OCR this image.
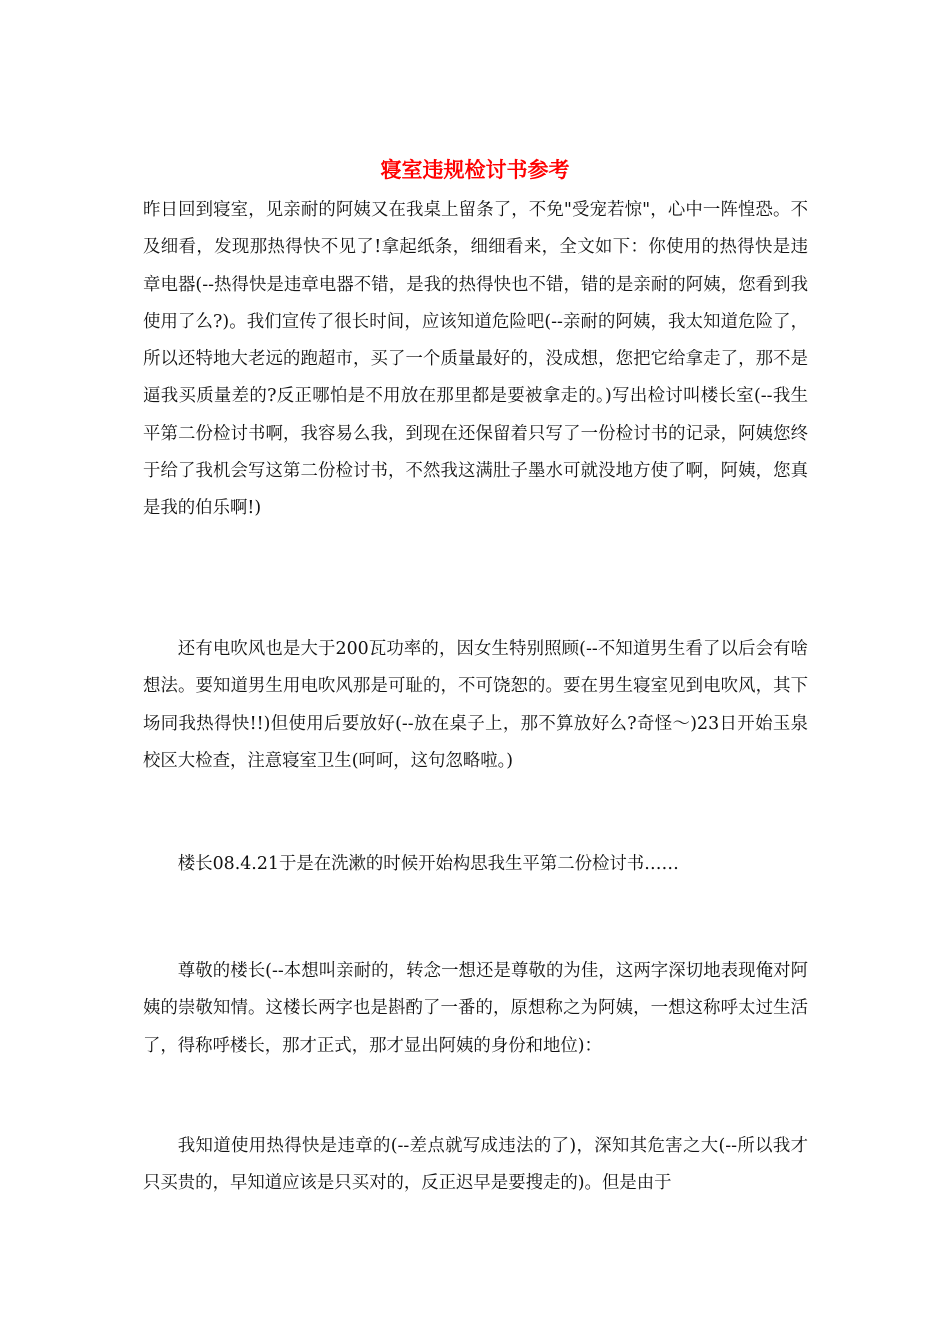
寝室违规检讨书参考

昨日回到寝室，见亲耐的阿姨又在我桌上留条了，不免"受宠若惊"，心中一阵惶恐。不及细看，发现那热得快不见了!拿起纸条，细细看来，全文如下：你使用的热得快是违章电器(--热得快是违章电器不错，是我的热得快也不错，错的是亲耐的阿姨，您看到我使用了么?)。我们宣传了很长时间，应该知道危险吧(--亲耐的阿姨，我太知道危险了，所以还特地大老远的跑超市，买了一个质量最好的，没成想，您把它给拿走了，那不是逼我买质量差的?反正哪怕是不用放在那里都是要被拿走的。)写出检讨叫楼长室(--我生平第二份检讨书啊，我容易么我，到现在还保留着只写了一份检讨书的记录，阿姨您终于给了我机会写这第二份检讨书，不然我这满肚子墨水可就没地方使了啊，阿姨，您真是我的伯乐啊!)

还有电吹风也是大于200瓦功率的，因女生特别照顾(--不知道男生看了以后会有啥想法。要知道男生用电吹风那是可耻的，不可饶恕的。要在男生寝室见到电吹风，其下场同我热得快!!)但使用后要放好(--放在桌子上，那不算放好么?奇怪～)23日开始玉泉校区大检查，注意寝室卫生(呵呵，这句忽略啦。)

楼长08.4.21于是在洗漱的时候开始构思我生平第二份检讨书……

尊敬的楼长(--本想叫亲耐的，转念一想还是尊敬的为佳，这两字深切地表现俺对阿姨的崇敬知情。这楼长两字也是斟酌了一番的，原想称之为阿姨，一想这称呼太过生活了，得称呼楼长，那才正式，那才显出阿姨的身份和地位)：

我知道使用热得快是违章的(--差点就写成违法的了)，深知其危害之大(--所以我才只买贵的，早知道应该是只买对的，反正迟早是要搜走的)。但是由于
